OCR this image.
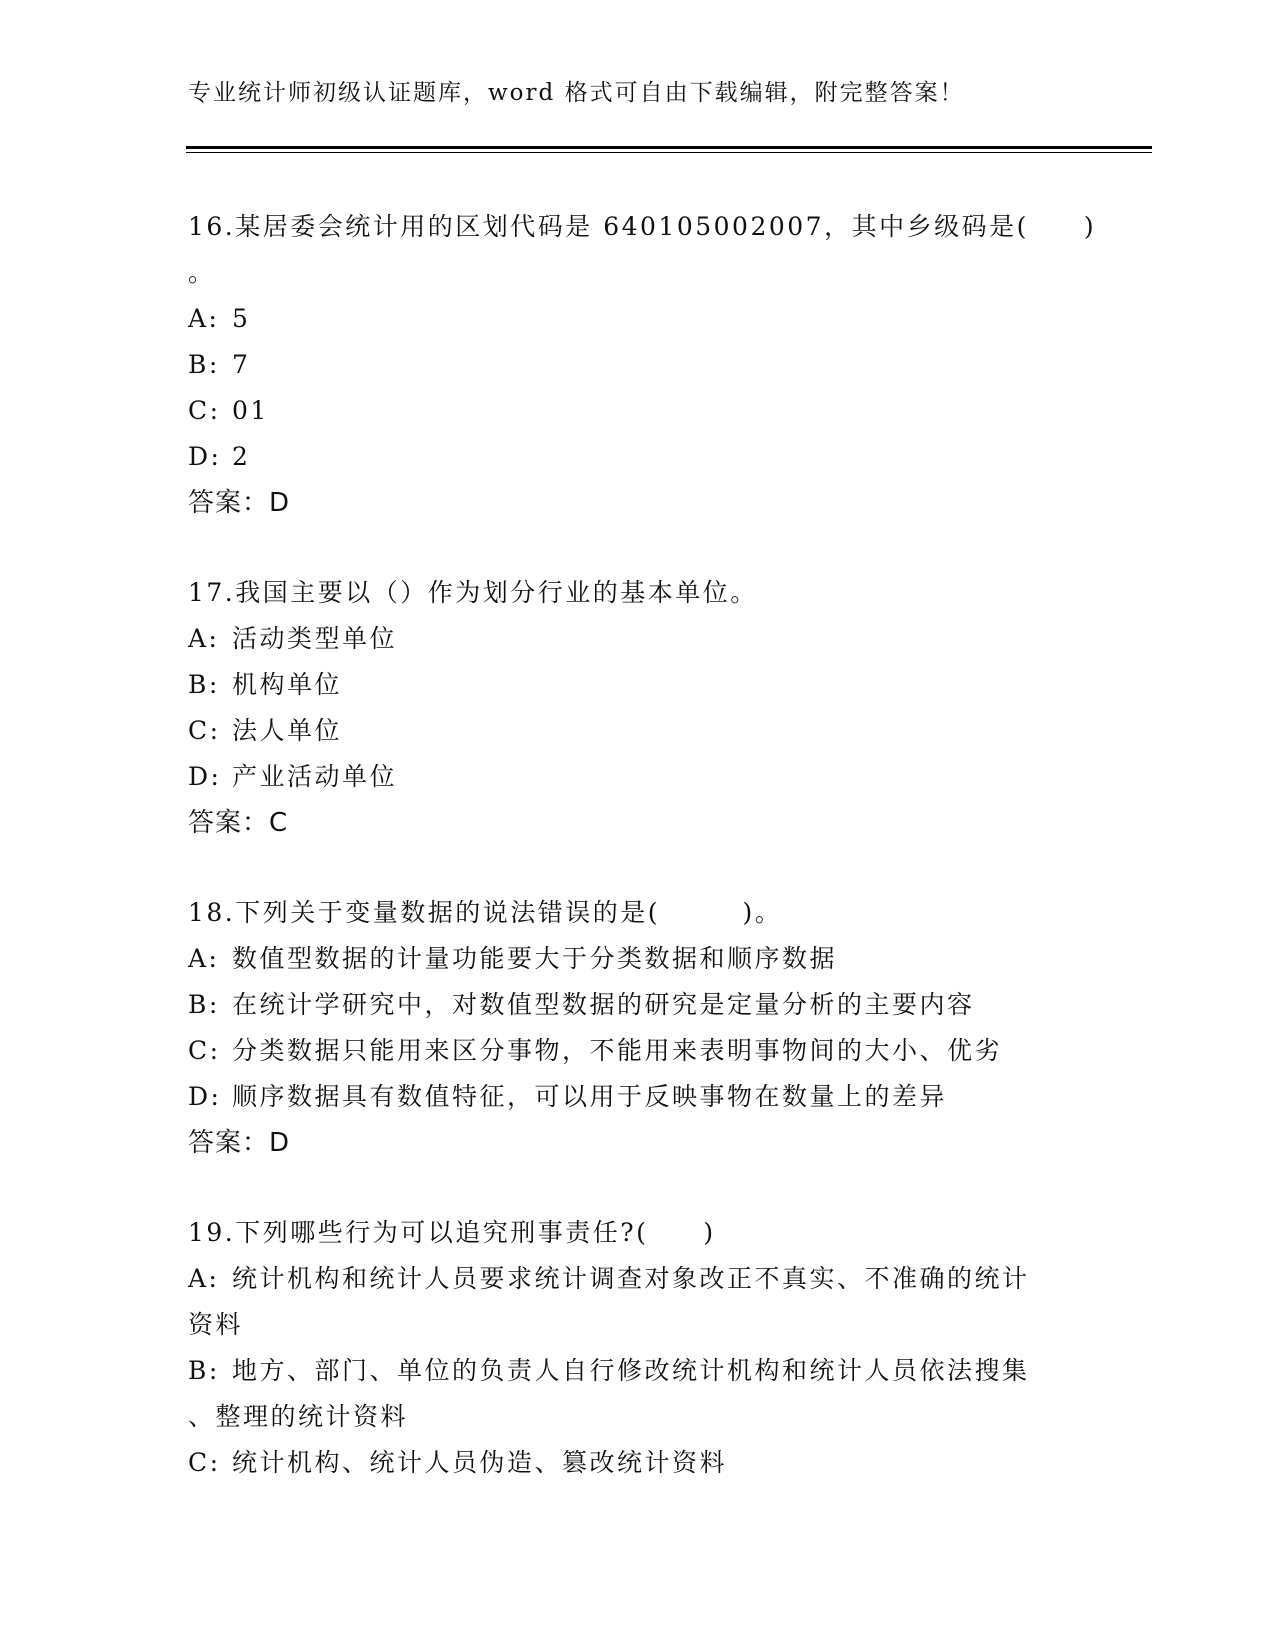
专业统计师初级认证题库，word 格式可自由下载编辑，附完整答案！
16.某居委会统计用的区划代码是 640105002007，其中乡级码是(　　)
。
A: 5
B: 7
C: 01
D: 2
答案：D
17.我国主要以（）作为划分行业的基本单位。
A: 活动类型单位
B: 机构单位
C: 法人单位
D: 产业活动单位
答案：C
18.下列关于变量数据的说法错误的是(　　　)。
A: 数值型数据的计量功能要大于分类数据和顺序数据
B: 在统计学研究中，对数值型数据的研究是定量分析的主要内容
C: 分类数据只能用来区分事物，不能用来表明事物间的大小、优劣
D: 顺序数据具有数值特征，可以用于反映事物在数量上的差异
答案：D
19.下列哪些行为可以追究刑事责任?(　　)
A: 统计机构和统计人员要求统计调查对象改正不真实、不准确的统计
资料
B: 地方、部门、单位的负责人自行修改统计机构和统计人员依法搜集
、整理的统计资料
C: 统计机构、统计人员伪造、篡改统计资料
